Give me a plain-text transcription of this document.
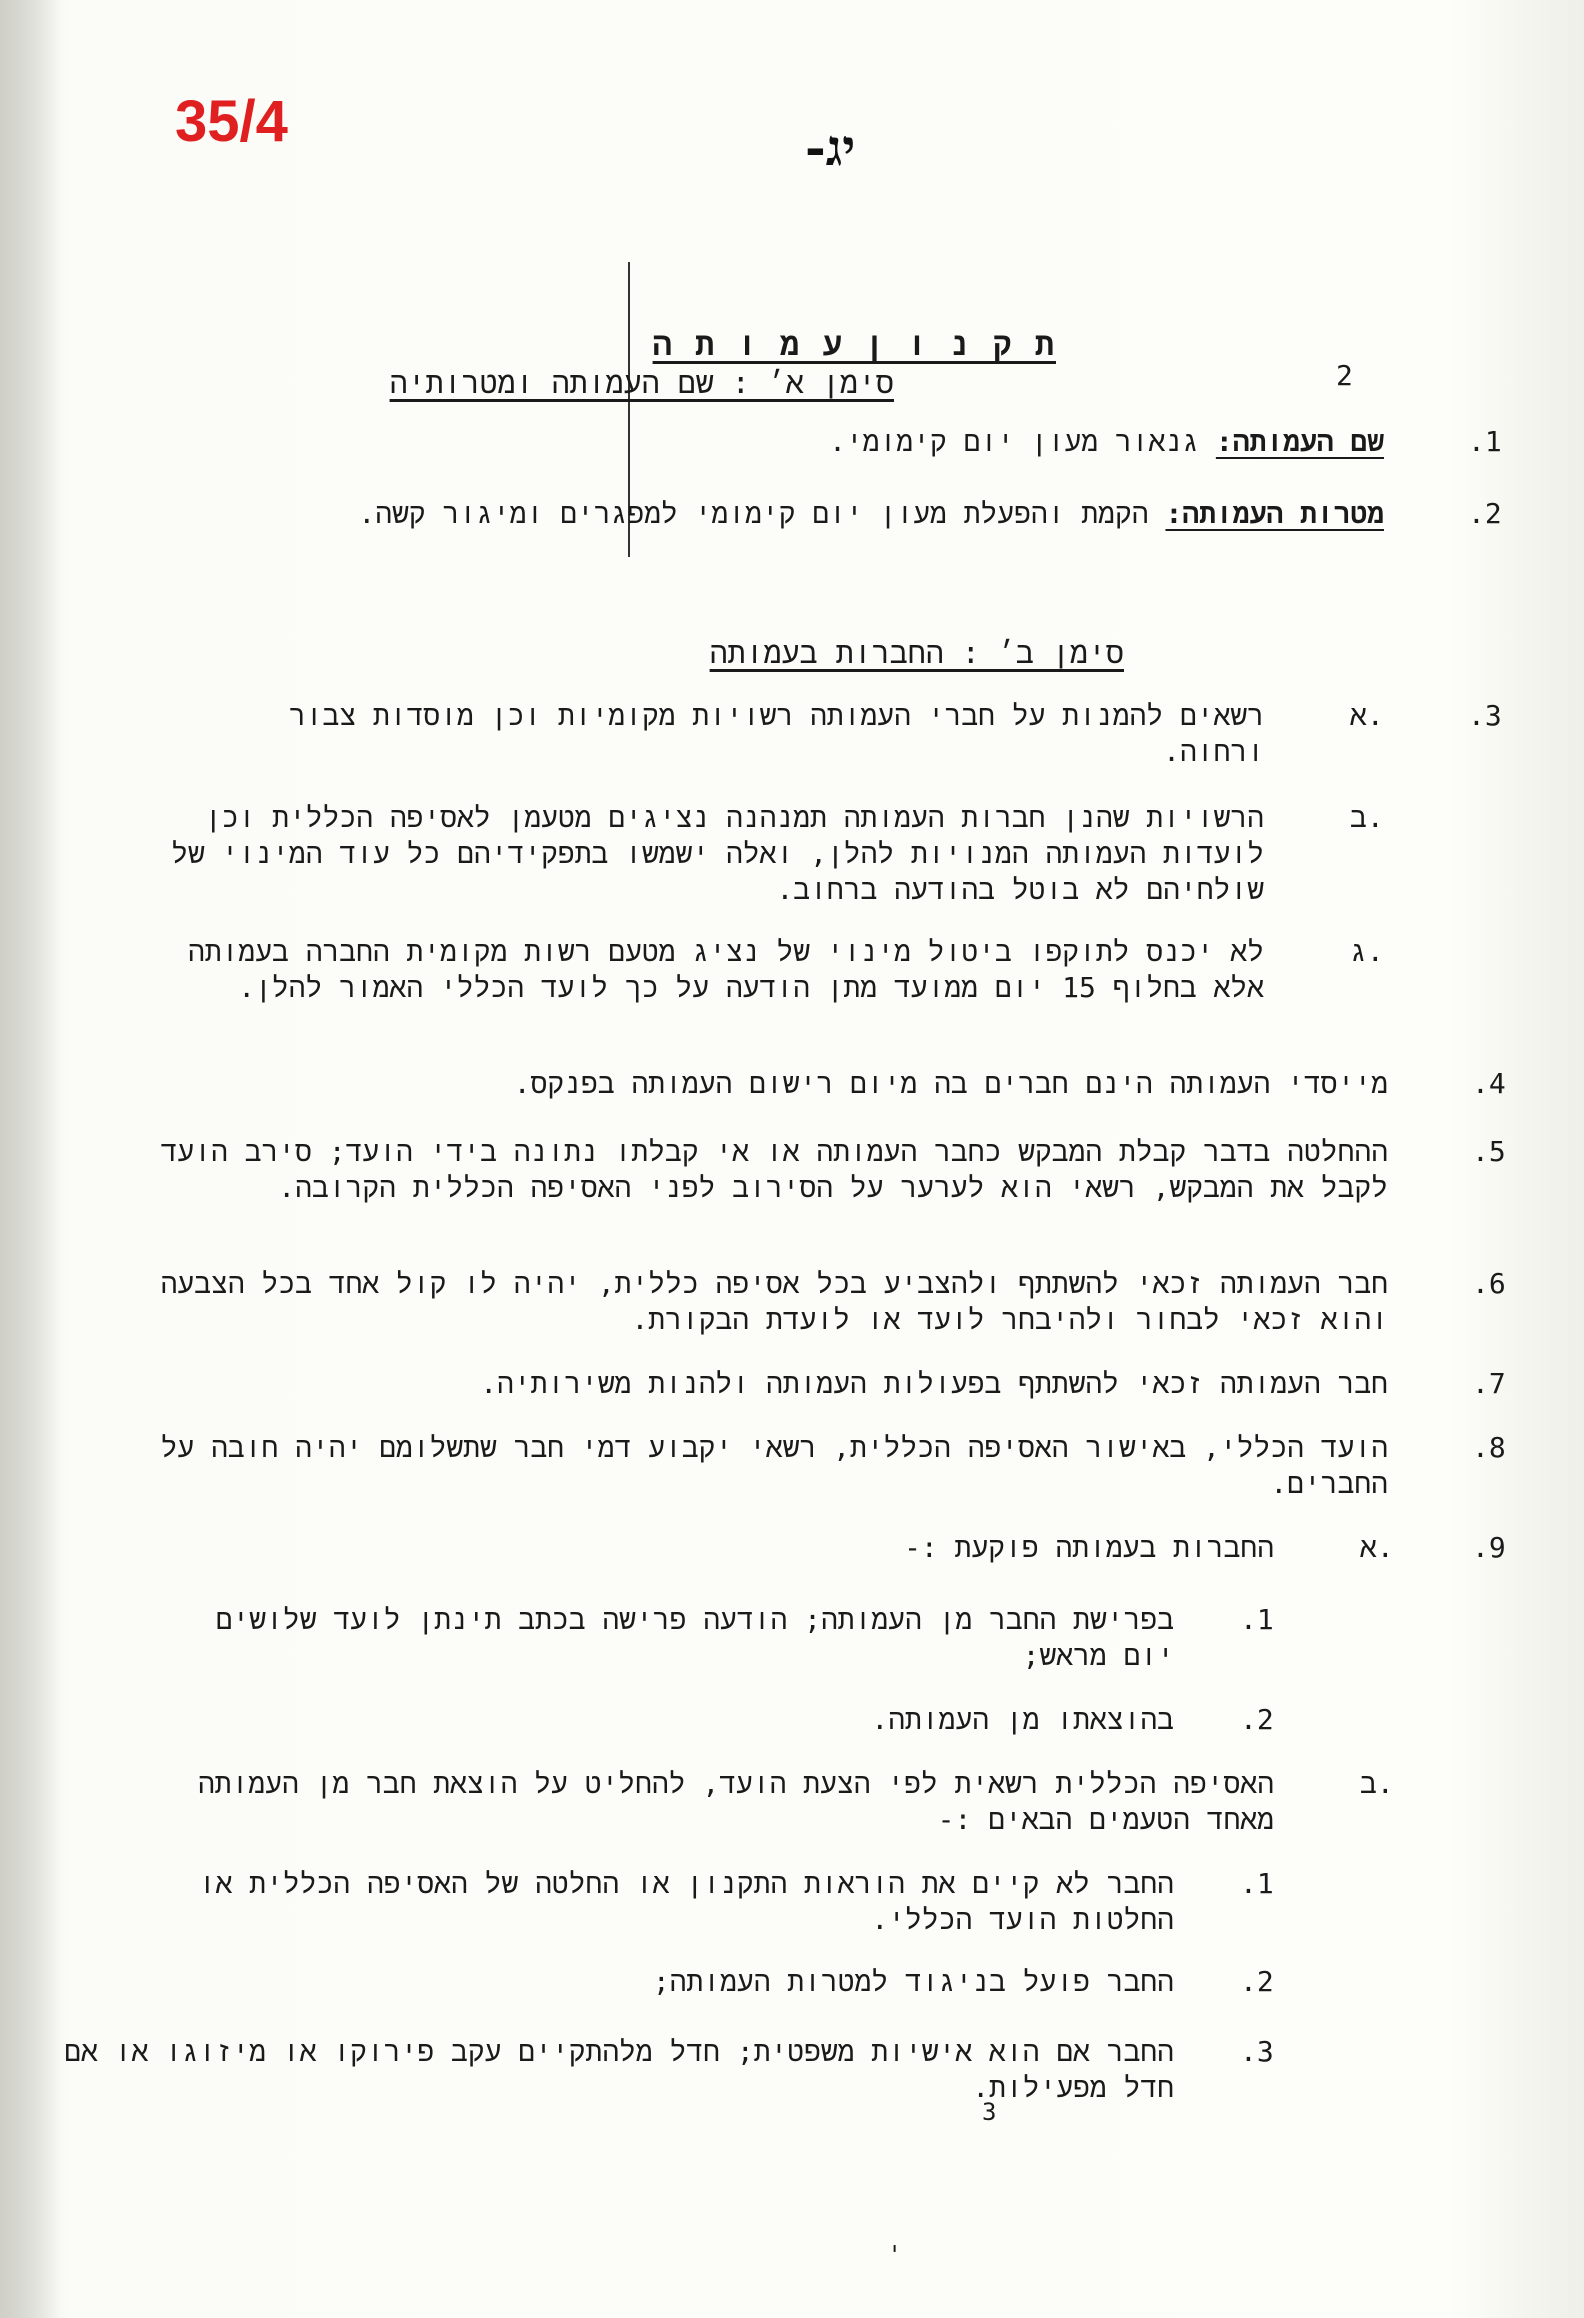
35/4	-יג
ת ק נ ו ן ע מ ו ת ה
סימן א׳ : שם העמותה ומטרותיה	2
.1
שם העמותה: גנאור מעון יום קימומי.
.2
מטרות העמותה: הקמת והפעלת מעון יום קימומי למפגרים ומיגור קשה.
סימן ב׳ : החברות בעמותה
.3
א.
רשאים להמנות על חברי העמותה רשויות מקומיות וכן מוסדות צבור ורחוה.
ב.
הרשויות שהנן חברות העמותה תמנהנה נציגים מטעמן לאסיפה הכללית וכן לועדות העמותה המנויות להלן, ואלה ישמשו בתפקידיהם כל עוד המינוי של שולחיהם לא בוטל בהודעה ברחוב.
ג.
לא יכנס לתוקפו ביטול מינוי של נציג מטעם רשות מקומית החברה בעמותה אלא בחלוף 15 יום ממועד מתן הודעה על כך לועד הכללי האמור להלן.
.4
מייסדי העמותה הינם חברים בה מיום רישום העמותה בפנקס.
.5
ההחלטה בדבר קבלת המבקש כחבר העמותה או אי קבלתו נתונה בידי הועד; סירב הועד לקבל את המבקש, רשאי הוא לערער על הסירוב לפני האסיפה הכללית הקרובה.
.6
חבר העמותה זכאי להשתתף ולהצביע בכל אסיפה כללית, יהיה לו קול אחד בכל הצבעה והוא זכאי לבחור ולהיבחר לועד או לועדת הבקורת.
.7
חבר העמותה זכאי להשתתף בפעולות העמותה ולהנות משירותיה.
.8
הועד הכללי, באישור האסיפה הכללית, רשאי יקבוע דמי חבר שתשלומם יהיה חובה על החברים.
.9
א.
החברות בעמותה פוקעת :-
.1
בפרישת החבר מן העמותה; הודעה פרישה בכתב תינתן לועד שלושים יום מראש;
.2
בהוצאתו מן העמותה.
ב.
האסיפה הכללית רשאית לפי הצעת הועד, להחליט על הוצאת חבר מן העמותה מאחד הטעמים הבאים :-
.1
החבר לא קיים את הוראות התקנון או החלטה של האסיפה הכללית או החלטות הועד הכללי.
.2
החבר פועל בניגוד למטרות העמותה;
.3
החבר אם הוא אישיות משפטית; חדל מלהתקיים עקב פירוקו או מיזוגו או אם חדל מפעילות.
3
י
